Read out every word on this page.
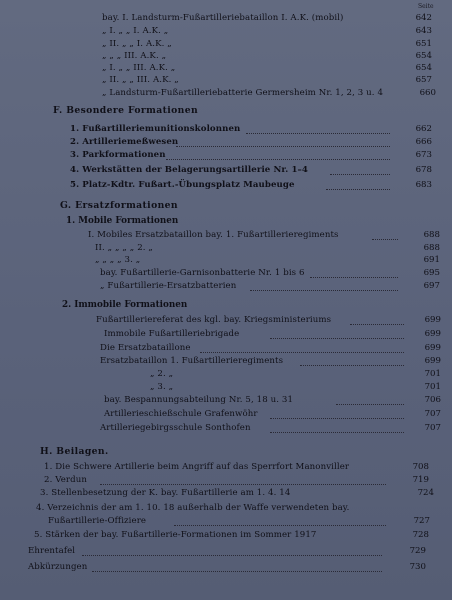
Seite
bay. I. Landsturm-Fußartilleriebataillon I. A.K. (mobil)	642
„ I. „ „ I. A.K. „	643
„ II. „ „ I. A.K. „	651
„ „ „ III. A.K. „	654
„ I. „ „ III. A.K. „	654
„ II. „ „ III. A.K. „	657
„ Landsturm-Fußartilleriebatterie Germersheim Nr. 1, 2, 3 u. 4	660
F. Besondere Formationen
1. Fußartilleriemunitionskolonnen	662
2. Artilleriemeßwesen	666
3. Parkformationen	673
4. Werkstätten der Belagerungsartillerie Nr. 1–4	678
5. Platz-Kdtr. Fußart.-Übungsplatz Maubeuge	683
G. Ersatzformationen
1. Mobile Formationen
I. Mobiles Ersatzbataillon bay. 1. Fußartillerieregiments	688
II. „ „ „ „ 2. „	688
„ „ „ „ 3. „	691
bay. Fußartillerie-Garnisonbatterie Nr. 1 bis 6	695
„ Fußartillerie-Ersatzbatterien	697
2. Immobile Formationen
Fußartilleriereferat des kgl. bay. Kriegsministeriums	699
Immobile Fußartilleriebrigade	699
Die Ersatzbataillone	699
Ersatzbataillon 1. Fußartillerieregiments	699
„ 2. „	701
„ 3. „	701
bay. Bespannungsabteilung Nr. 5, 18 u. 31	706
Artillerieschießschule Grafenwöhr	707
Artilleriegebirgsschule Sonthofen	707
H. Beilagen.
1. Die Schwere Artillerie beim Angriff auf das Sperrfort Manonviller	708
2. Verdun	719
3. Stellenbesetzung der K. bay. Fußartillerie am 1. 4. 14	724
4. Verzeichnis der am 1. 10. 18 außerhalb der Waffe verwendeten bay.
Fußartillerie-Offiziere	727
5. Stärken der bay. Fußartillerie-Formationen im Sommer 1917	728
Ehrentafel	729
Abkürzungen	730
